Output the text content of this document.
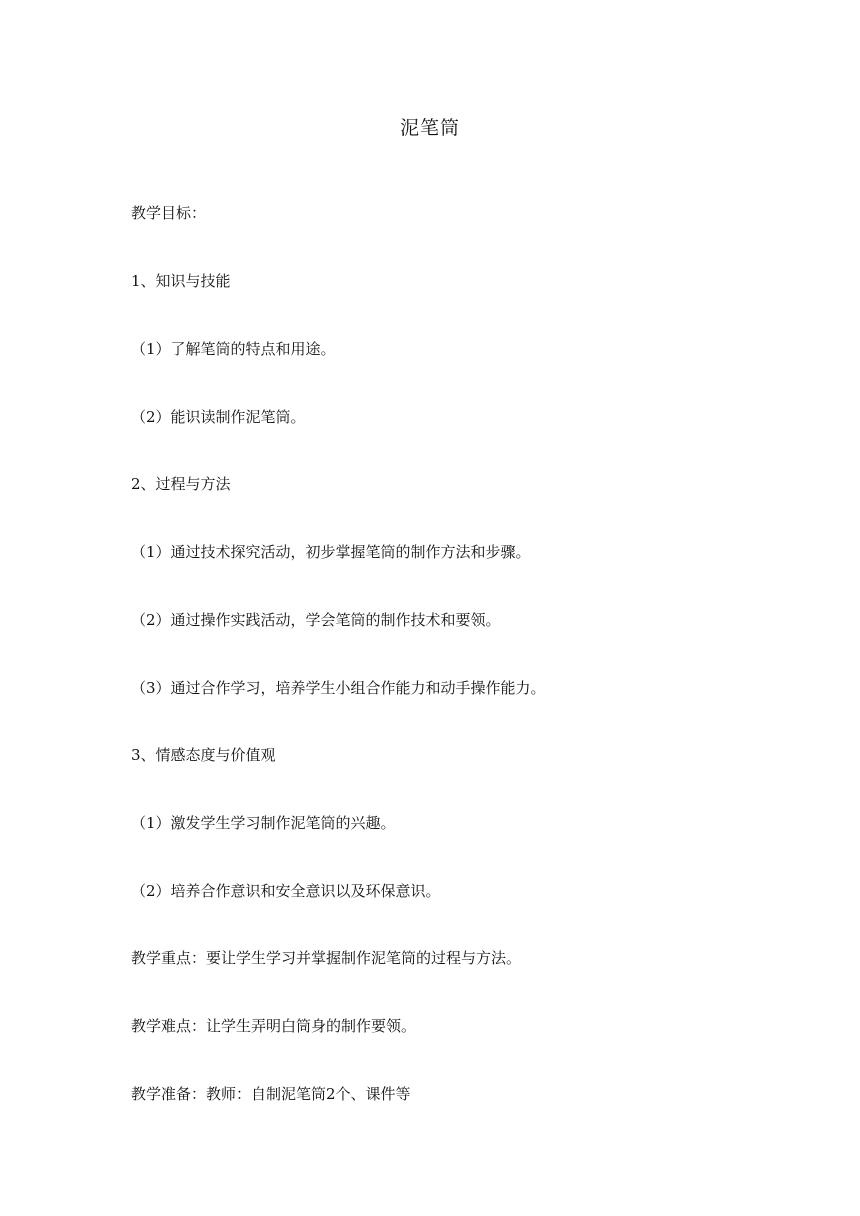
泥笔筒
教学目标：
1、知识与技能
（1）了解笔筒的特点和用途。
（2）能识读制作泥笔筒。
2、过程与方法
（1）通过技术探究活动，初步掌握笔筒的制作方法和步骤。
（2）通过操作实践活动，学会笔筒的制作技术和要领。
（3）通过合作学习，培养学生小组合作能力和动手操作能力。
3、情感态度与价值观
（1）激发学生学习制作泥笔筒的兴趣。
（2）培养合作意识和安全意识以及环保意识。
教学重点：要让学生学习并掌握制作泥笔筒的过程与方法。
教学难点：让学生弄明白筒身的制作要领。
教学准备：教师：自制泥笔筒2个、课件等
